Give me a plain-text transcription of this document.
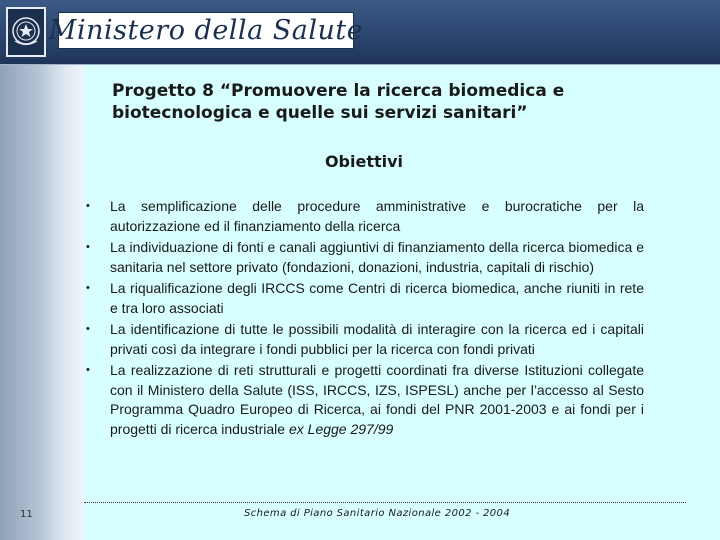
Ministero della Salute
Progetto 8 “Promuovere la ricerca biomedica e
biotecnologica e quelle sui servizi sanitari”
Obiettivi
• La semplificazione delle procedure amministrative e burocratiche per la autorizzazione ed il finanziamento della ricerca
• La individuazione di fonti e canali aggiuntivi di finanziamento della ricerca biomedica e sanitaria nel settore privato (fondazioni, donazioni, industria, capitali di rischio)
• La riqualificazione degli IRCCS come Centri di ricerca biomedica, anche riuniti in rete e tra loro associati
• La identificazione di tutte le possibili modalità di interagire con la ricerca ed i capitali privati così da integrare i fondi pubblici per la ricerca con fondi privati
• La realizzazione di reti strutturali e progetti coordinati fra diverse Istituzioni collegate con il Ministero della Salute (ISS, IRCCS, IZS, ISPESL) anche per l’accesso al Sesto Programma Quadro Europeo di Ricerca, ai fondi del PNR 2001-2003 e ai fondi per i progetti di ricerca industriale ex Legge 297/99
11	Schema di Piano Sanitario Nazionale 2002 - 2004
